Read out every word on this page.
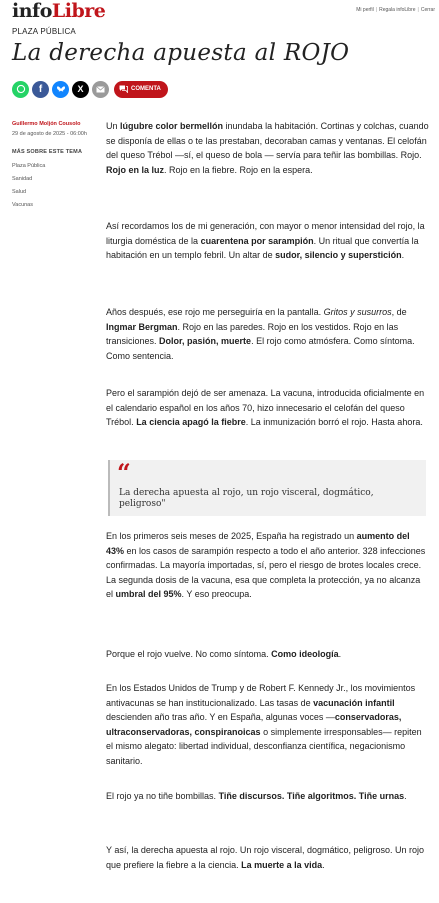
infoLibre	Mi perfil | Regala infoLibre | Cerrar
PLAZA PÚBLICA
La derecha apuesta al ROJO
f	X	COMENTA
Guillermo Moljón Cousolo
29 de agosto de 2025 - 06:00h
MÁS SOBRE ESTE TEMA
Plaza Pública
Sanidad
Salud
Vacunas

Un lúgubre color bermellón inundaba la habitación. Cortinas y colchas, cuando se disponía de ellas o te las prestaban, decoraban camas y ventanas. El celofán del queso Trébol —sí, el queso de bola — servía para teñir las bombillas. Rojo. Rojo en la luz. Rojo en la fiebre. Rojo en la espera.

Así recordamos los de mi generación, con mayor o menor intensidad del rojo, la liturgia doméstica de la cuarentena por sarampión. Un ritual que convertía la habitación en un templo febril. Un altar de sudor, silencio y superstición.

Años después, ese rojo me perseguiría en la pantalla. Gritos y susurros, de Ingmar Bergman. Rojo en las paredes. Rojo en los vestidos. Rojo en las transiciones. Dolor, pasión, muerte. El rojo como atmósfera. Como síntoma. Como sentencia.

Pero el sarampión dejó de ser amenaza. La vacuna, introducida oficialmente en el calendario español en los años 70, hizo innecesario el celofán del queso Trébol. La ciencia apagó la fiebre. La inmunización borró el rojo. Hasta ahora.

En los primeros seis meses de 2025, España ha registrado un aumento del 43% en los casos de sarampión respecto a todo el año anterior. 328 infecciones confirmadas. La mayoría importadas, sí, pero el riesgo de brotes locales crece. La segunda dosis de la vacuna, esa que completa la protección, ya no alcanza el umbral del 95%. Y eso preocupa.

Porque el rojo vuelve. No como síntoma. Como ideología.

En los Estados Unidos de Trump y de Robert F. Kennedy Jr., los movimientos antivacunas se han institucionalizado. Las tasas de vacunación infantil descienden año tras año. Y en España, algunas voces —conservadoras, ultraconservadoras, conspiranoicas o simplemente irresponsables— repiten el mismo alegato: libertad individual, desconfianza científica, negacionismo sanitario.

El rojo ya no tiñe bombillas. Tiñe discursos. Tiñe algoritmos. Tiñe urnas.

Y así, la derecha apuesta al rojo. Un rojo visceral, dogmático, peligroso. Un rojo que prefiere la fiebre a la ciencia. La muerte a la vida.

“
La derecha apuesta al rojo, un rojo visceral, dogmático, peligroso"
